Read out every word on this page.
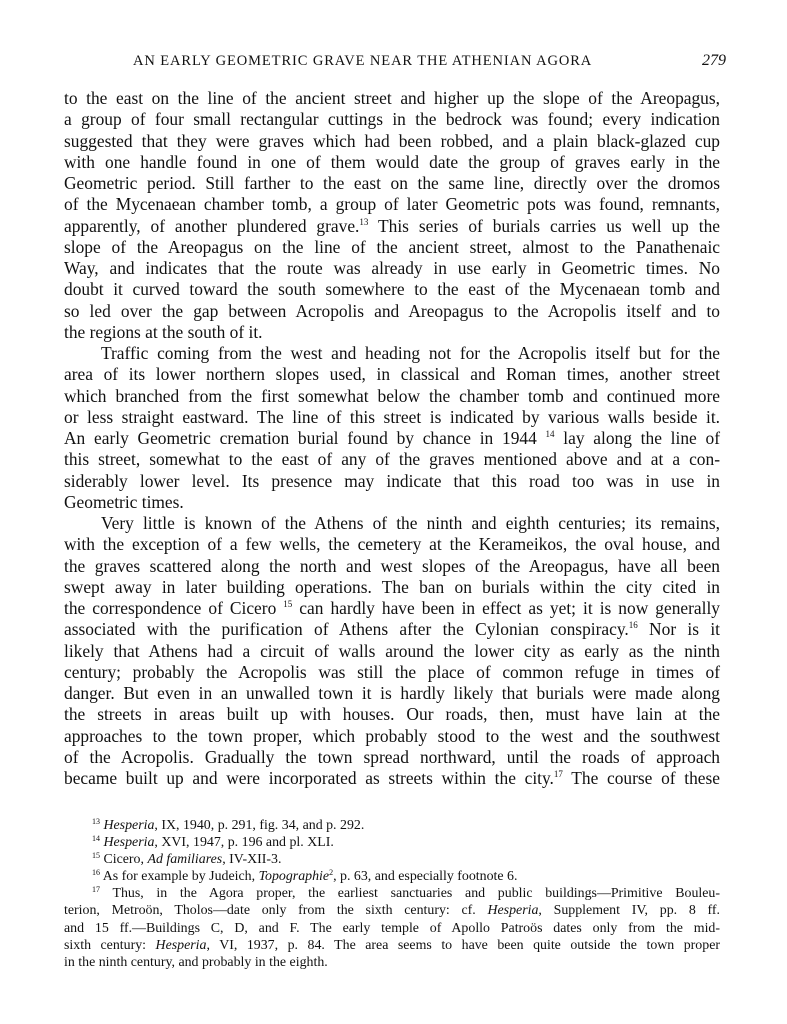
AN EARLY GEOMETRIC GRAVE NEAR THE ATHENIAN AGORA	279
to the east on the line of the ancient street and higher up the slope of the Areopagus,
a group of four small rectangular cuttings in the bedrock was found; every indication
suggested that they were graves which had been robbed, and a plain black-glazed cup
with one handle found in one of them would date the group of graves early in the
Geometric period. Still farther to the east on the same line, directly over the dromos
of the Mycenaean chamber tomb, a group of later Geometric pots was found, remnants,
apparently, of another plundered grave.$^{13}$ This series of burials carries us well up the
slope of the Areopagus on the line of the ancient street, almost to the Panathenaic
Way, and indicates that the route was already in use early in Geometric times. No
doubt it curved toward the south somewhere to the east of the Mycenaean tomb and
so led over the gap between Acropolis and Areopagus to the Acropolis itself and to
the regions at the south of it.
Traffic coming from the west and heading not for the Acropolis itself but for the
area of its lower northern slopes used, in classical and Roman times, another street
which branched from the first somewhat below the chamber tomb and continued more
or less straight eastward. The line of this street is indicated by various walls beside it.
An early Geometric cremation burial found by chance in 1944 $^{14}$ lay along the line of
this street, somewhat to the east of any of the graves mentioned above and at a con-
siderably lower level. Its presence may indicate that this road too was in use in
Geometric times.
Very little is known of the Athens of the ninth and eighth centuries; its remains,
with the exception of a few wells, the cemetery at the Kerameikos, the oval house, and
the graves scattered along the north and west slopes of the Areopagus, have all been
swept away in later building operations. The ban on burials within the city cited in
the correspondence of Cicero $^{15}$ can hardly have been in effect as yet; it is now generally
associated with the purification of Athens after the Cylonian conspiracy.$^{16}$ Nor is it
likely that Athens had a circuit of walls around the lower city as early as the ninth
century; probably the Acropolis was still the place of common refuge in times of
danger. But even in an unwalled town it is hardly likely that burials were made along
the streets in areas built up with houses. Our roads, then, must have lain at the
approaches to the town proper, which probably stood to the west and the southwest
of the Acropolis. Gradually the town spread northward, until the roads of approach
became built up and were incorporated as streets within the city.$^{17}$ The course of these
$^{13}$ Hesperia, IX, 1940, p. 291, fig. 34, and p. 292.
$^{14}$ Hesperia, XVI, 1947, p. 196 and pl. XLI.
$^{15}$ Cicero, Ad familiares, IV-XII-3.
$^{16}$ As for example by Judeich, Topographie$^2$, p. 63, and especially footnote 6.
$^{17}$ Thus, in the Agora proper, the earliest sanctuaries and public buildings—Primitive Bouleu-
terion, Metroön, Tholos—date only from the sixth century: cf. Hesperia, Supplement IV, pp. 8 ff.
and 15 ff.—Buildings C, D, and F. The early temple of Apollo Patroös dates only from the mid-
sixth century: Hesperia, VI, 1937, p. 84. The area seems to have been quite outside the town proper
in the ninth century, and probably in the eighth.
